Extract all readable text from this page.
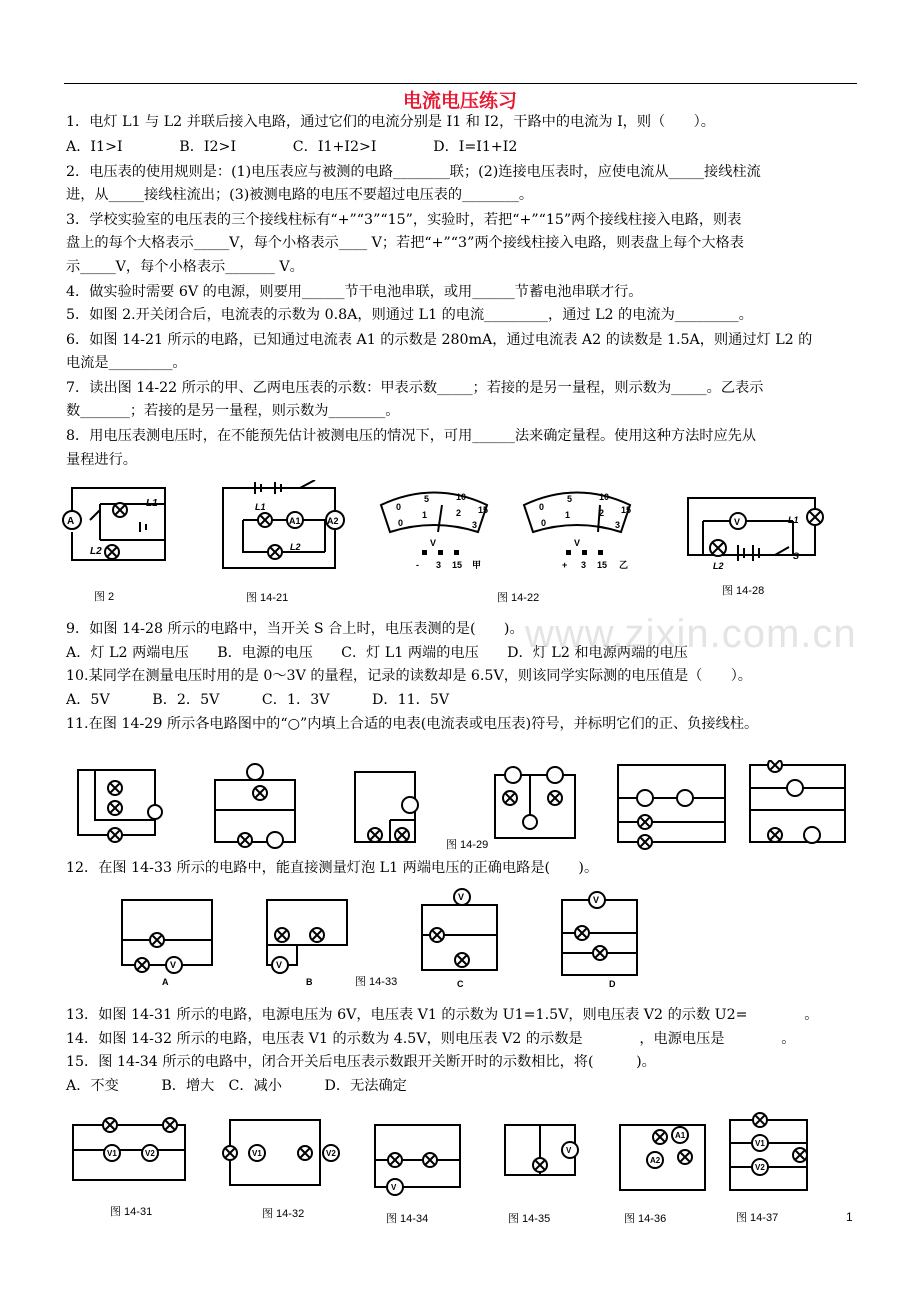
电流电压练习
1．电灯 L1 与 L2 并联后接入电路，通过它们的电流分别是 I1 和 I2，干路中的电流为 I，则（　　）。
A．I1>I　　　　B．I2>I　　　　C．I1+I2>I　　　　D．I=I1+I2
2．电压表的使用规则是：(1)电压表应与被测的电路________联；(2)连接电压表时，应使电流从_____接线柱流
进，从_____接线柱流出；(3)被测电路的电压不要超过电压表的________。
3．学校实验室的电压表的三个接线柱标有“+”“3”“15”，实验时，若把“+”“15”两个接线柱接入电路，则表
盘上的每个大格表示_____V，每个小格表示____ V；若把“+”“3”两个接线柱接入电路，则表盘上每个大格表
示_____V，每个小格表示_______ V。
4．做实验时需要 6V 的电源，则要用______节干电池串联，或用______节蓄电池串联才行。
5．如图 2.开关闭合后，电流表的示数为 0.8A，则通过 L1 的电流_________，通过 L2 的电流为_________。
6．如图 14-21 所示的电路，已知通过电流表 A1 的示数是 280mA，通过电流表 A2 的读数是 1.5A，则通过灯 L2 的
电流是_________。
7．读出图 14-22 所示的甲、乙两电压表的示数：甲表示数_____；若接的是另一量程，则示数为_____。乙表示
数_______；若接的是另一量程，则示数为________。
8．用电压表测电压时，在不能预先估计被测电压的情况下，可用______法来确定量程。使用这种方法时应先从
量程进行。
9．如图 14-28 所示的电路中，当开关 S 合上时，电压表测的是(　　)。
A．灯 L2 两端电压　　B．电源的电压　　C．灯 L1 两端的电压　　D．灯 L2 和电源两端的电压
10.某同学在测量电压时用的是 0～3V 的量程，记录的读数却是 6.5V，则该同学实际测的电压值是（　　）。
A．5V　　　B．2．5V　　　C．1．3V　　　D．11．5V
11.在图 14-29 所示各电路图中的“○”内填上合适的电表(电流表或电压表)符号，并标明它们的正、负接线柱。
12．在图 14-33 所示的电路中，能直接测量灯泡 L1 两端电压的正确电路是(　　)。
13．如图 14-31 所示的电路，电源电压为 6V，电压表 V1 的示数为 U1=1.5V，则电压表 V2 的示数 U2=　　　　。
14．如图 14-32 所示的电路，电压表 V1 的示数为 4.5V，则电压表 V2 的示数是　　　　，电源电压是　　　　。
15．图 14-34 所示的电路中，闭合开关后电压表示数跟开关断开时的示数相比，将(　　　)。
A．不变　　　B．增大　C．减小　　　D．无法确定
www.zixin.com.cn
A
L1
L2
图 2
A2
A1
L1
L2
图 14-21
0
5	10
15
0
1	2
3
0
5	10
15
0
1	2
3
V	V
- 3 15 甲	+ 3 15 乙
图 14-22
V	L1
L2
S
图 14-28
图 14-29
V	V
V	V
A	B	C	D
图 14-33
V1	V2	V1	V2
V
V
A1
A2
V1
V2
图 14-31	图 14-32	图 14-34	图 14-35	图 14-36	图 14-37	1
